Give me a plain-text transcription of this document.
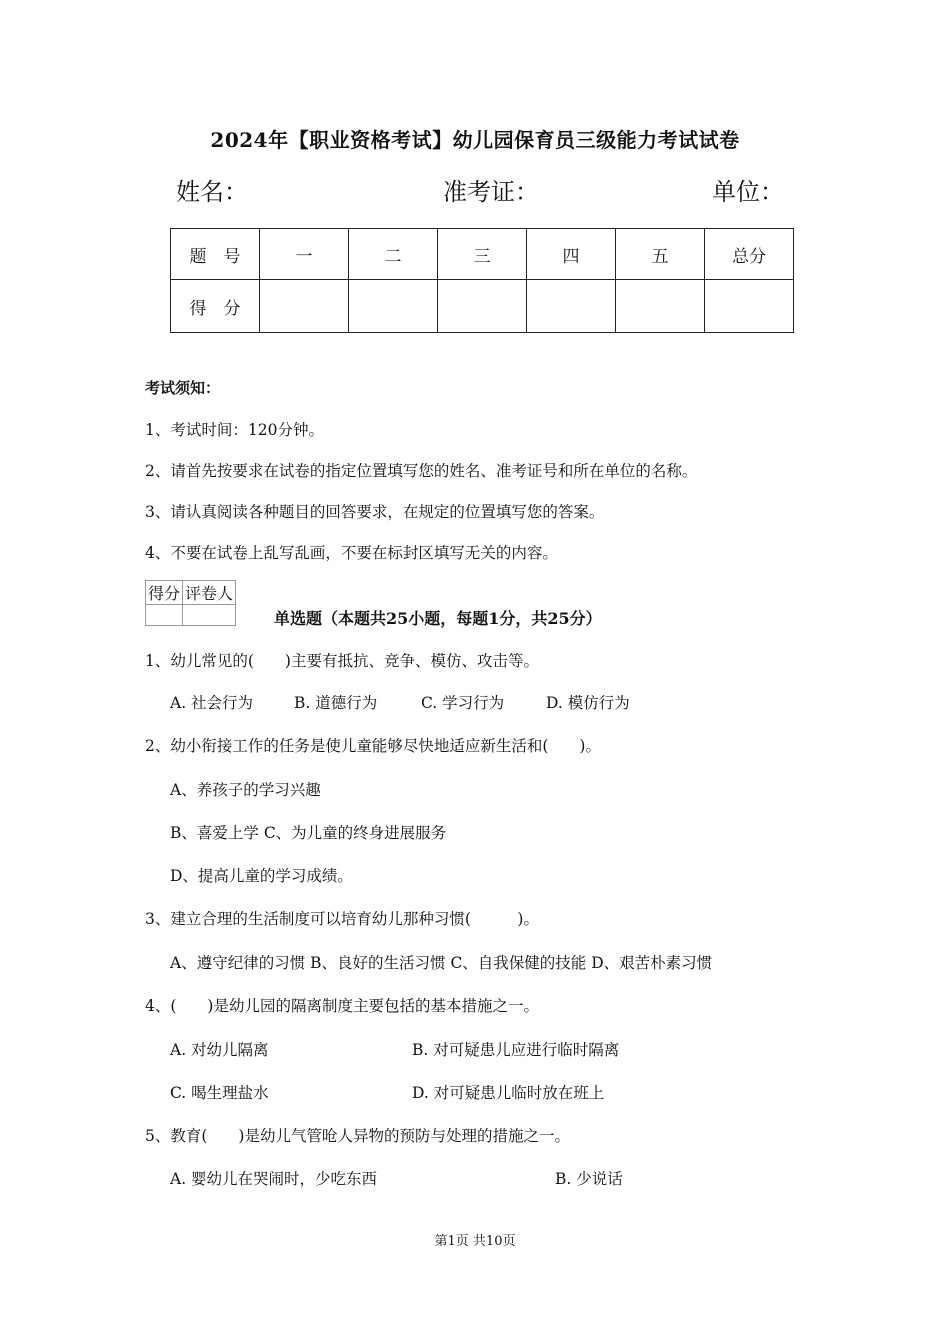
2024年【职业资格考试】幼儿园保育员三级能力考试试卷
姓名：	准考证：	单位：
题　号	一	二	三	四	五	总分
得　分						
考试须知：
1、考试时间：120分钟。
2、请首先按要求在试卷的指定位置填写您的姓名、准考证号和所在单位的名称。
3、请认真阅读各种题目的回答要求，在规定的位置填写您的答案。
4、不要在试卷上乱写乱画，不要在标封区填写无关的内容。
得分	评卷人

单选题（本题共25小题，每题1分，共25分）
1、幼儿常见的(　　)主要有抵抗、竞争、模仿、攻击等。
A. 社会行为	B. 道德行为	C. 学习行为	D. 模仿行为
2、幼小衔接工作的任务是使儿童能够尽快地适应新生活和(　　)。
A、养孩子的学习兴趣
B、喜爱上学 C、为儿童的终身进展服务
D、提高儿童的学习成绩。
3、建立合理的生活制度可以培育幼儿那种习惯(　　　)。
A、遵守纪律的习惯 B、良好的生活习惯 C、自我保健的技能 D、艰苦朴素习惯
4、(　　)是幼儿园的隔离制度主要包括的基本措施之一。
A. 对幼儿隔离	B. 对可疑患儿应进行临时隔离
C. 喝生理盐水	D. 对可疑患儿临时放在班上
5、教育(　　)是幼儿气管呛人异物的预防与处理的措施之一。
A. 婴幼儿在哭闹时，少吃东西	B. 少说话
第1页 共10页
